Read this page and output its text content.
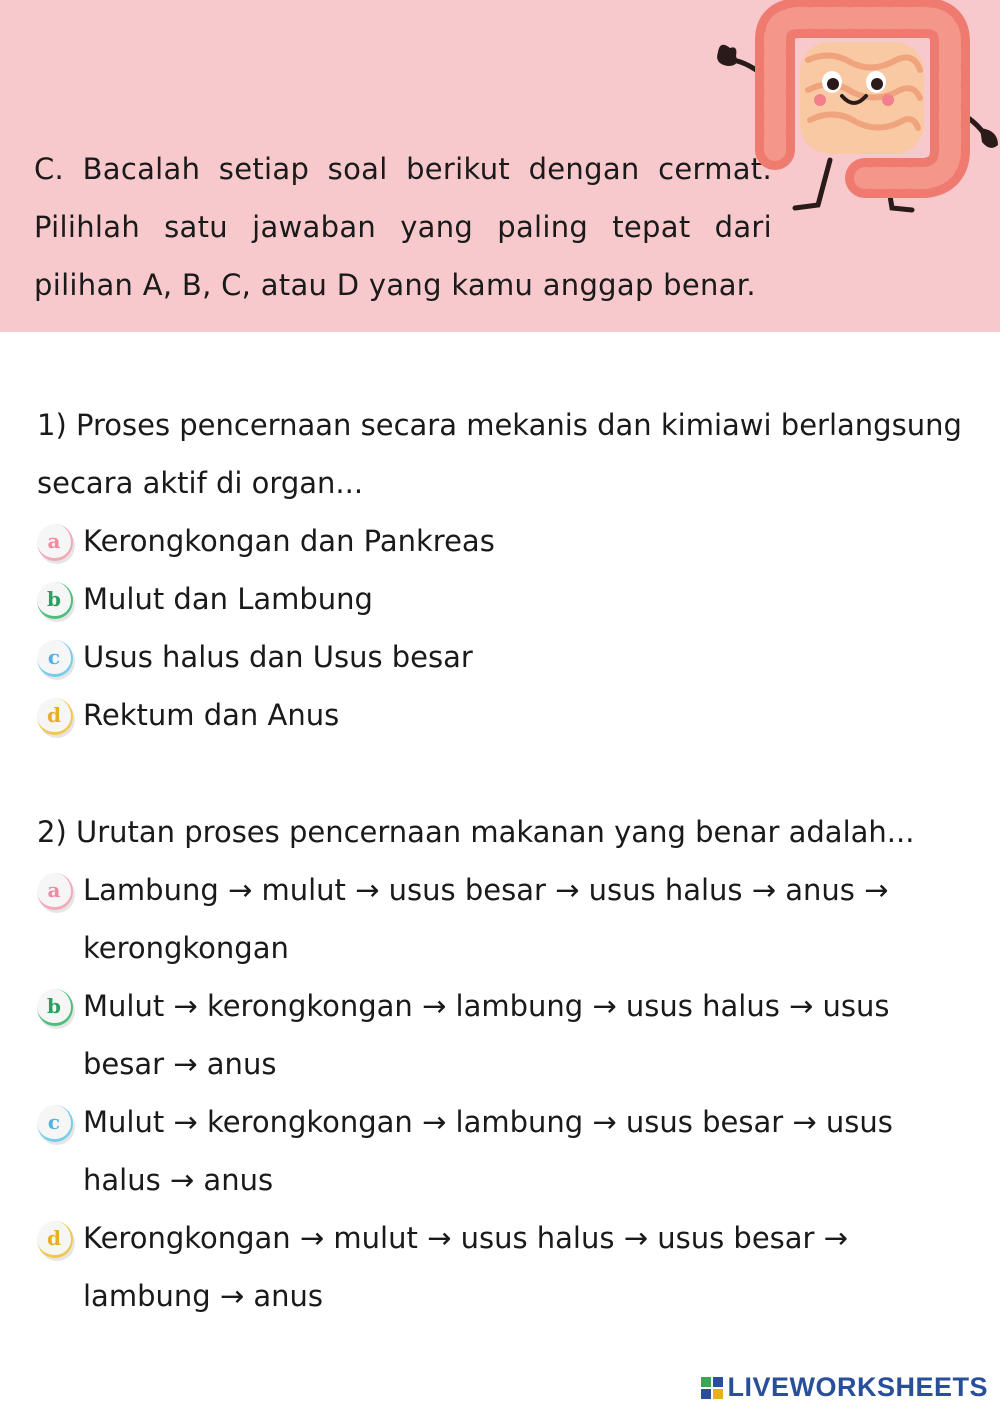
C. Bacalah setiap soal berikut dengan cermat. Pilihlah satu jawaban yang paling tepat dari pilihan A, B, C, atau D yang kamu anggap benar.
1) Proses pencernaan secara mekanis dan kimiawi berlangsung secara aktif di organ...
a Kerongkongan dan Pankreas
b Mulut dan Lambung
c Usus halus dan Usus besar
d Rektum dan Anus
2) Urutan proses pencernaan makanan yang benar adalah...
a Lambung → mulut → usus besar → usus halus → anus → kerongkongan
b Mulut → kerongkongan → lambung → usus halus → usus besar → anus
c Mulut → kerongkongan → lambung → usus besar → usus halus → anus
d Kerongkongan → mulut → usus halus → usus besar → lambung → anus
LIVEWORKSHEETS
